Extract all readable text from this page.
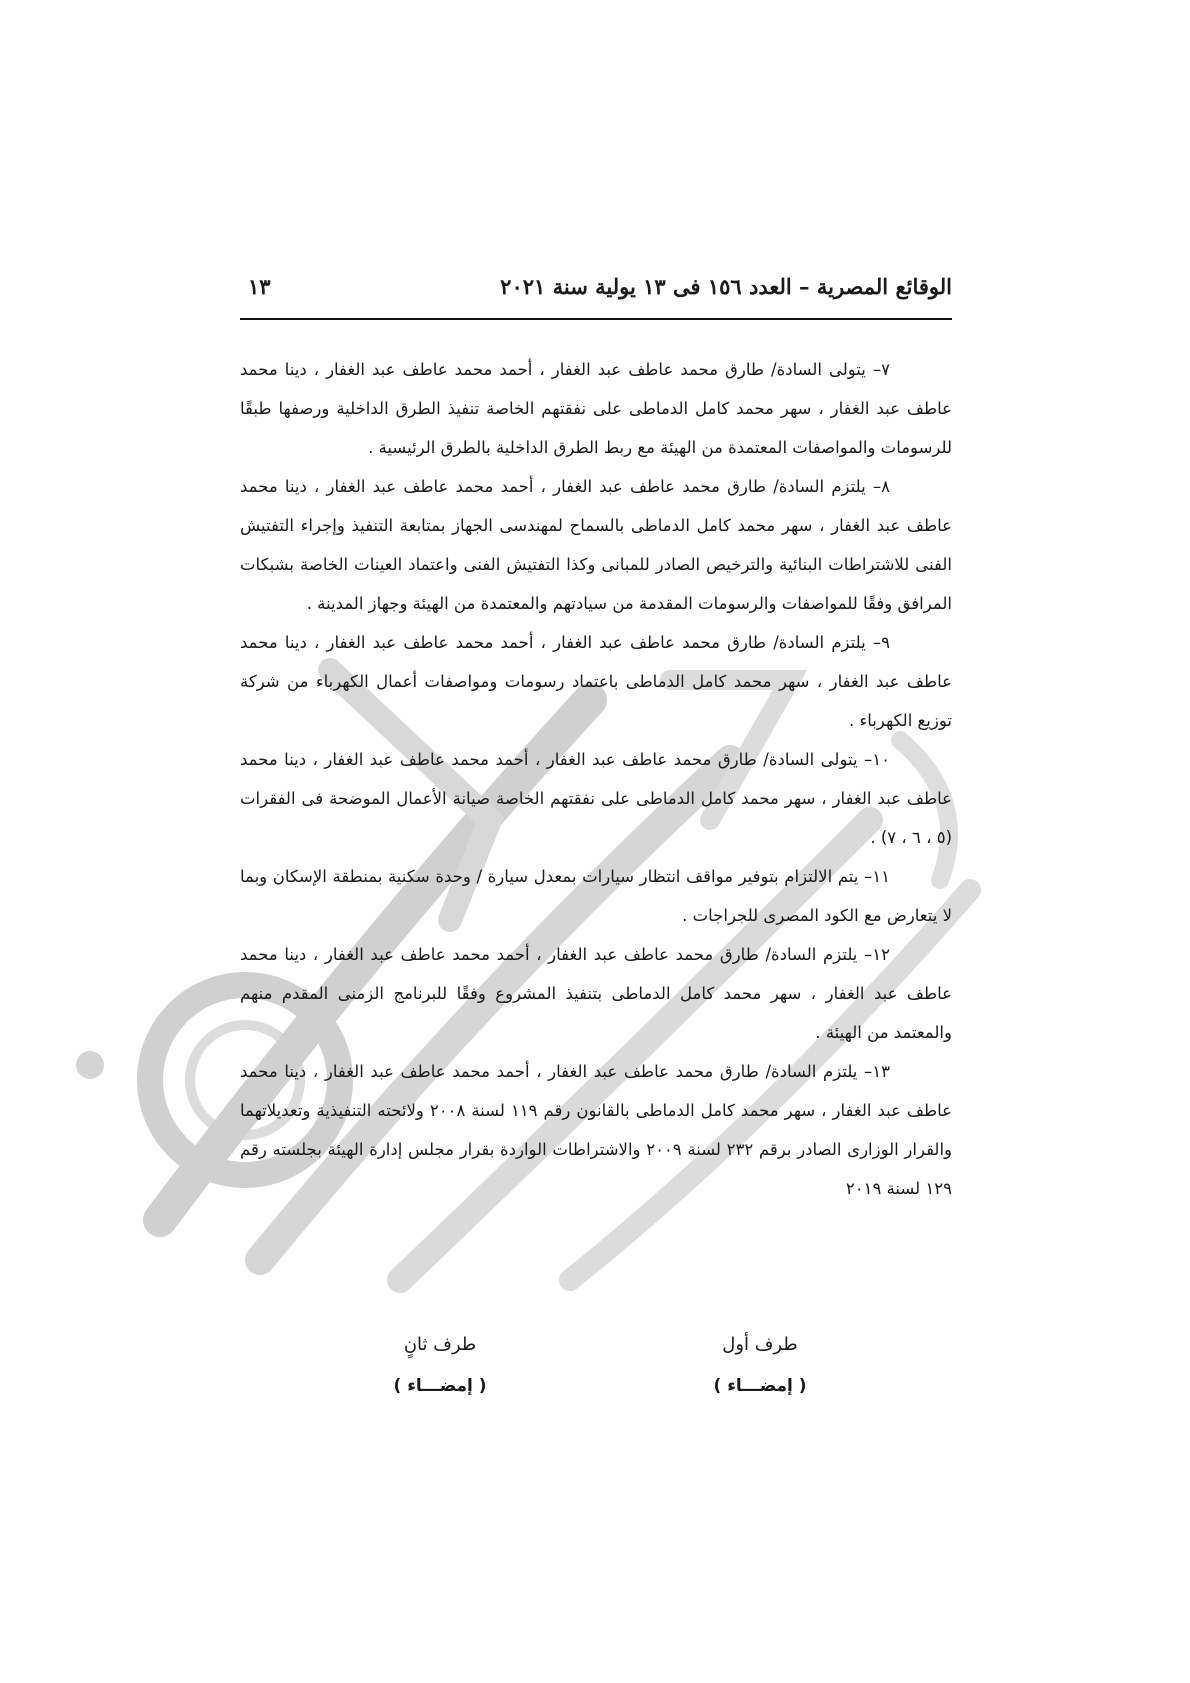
الوقائع المصرية – العدد ١٥٦ فى ١٣ يولية سنة ٢٠٢١
١٣

٧– يتولى السادة/ طارق محمد عاطف عبد الغفار ، أحمد محمد عاطف عبد الغفار ، دينا محمد عاطف عبد الغفار ، سهر محمد كامل الدماطى على نفقتهم الخاصة تنفيذ الطرق الداخلية ورصفها طبقًا للرسومات والمواصفات المعتمدة من الهيئة مع ربط الطرق الداخلية بالطرق الرئيسية .

٨– يلتزم السادة/ طارق محمد عاطف عبد الغفار ، أحمد محمد عاطف عبد الغفار ، دينا محمد عاطف عبد الغفار ، سهر محمد كامل الدماطى بالسماح لمهندسى الجهاز بمتابعة التنفيذ وإجراء التفتيش الفنى للاشتراطات البنائية والترخيص الصادر للمبانى وكذا التفتيش الفنى واعتماد العينات الخاصة بشبكات المرافق وفقًا للمواصفات والرسومات المقدمة من سيادتهم والمعتمدة من الهيئة وجهاز المدينة .

٩– يلتزم السادة/ طارق محمد عاطف عبد الغفار ، أحمد محمد عاطف عبد الغفار ، دينا محمد عاطف عبد الغفار ، سهر محمد كامل الدماطى باعتماد رسومات ومواصفات أعمال الكهرباء من شركة توزيع الكهرباء .

١٠– يتولى السادة/ طارق محمد عاطف عبد الغفار ، أحمد محمد عاطف عبد الغفار ، دينا محمد عاطف عبد الغفار ، سهر محمد كامل الدماطى على نفقتهم الخاصة صيانة الأعمال الموضحة فى الفقرات (٥ ، ٦ ، ٧) .

١١– يتم الالتزام بتوفير مواقف انتظار سيارات بمعدل سيارة / وحدة سكنية بمنطقة الإسكان وبما لا يتعارض مع الكود المصرى للجراجات .

١٢– يلتزم السادة/ طارق محمد عاطف عبد الغفار ، أحمد محمد عاطف عبد الغفار ، دينا محمد عاطف عبد الغفار ، سهر محمد كامل الدماطى بتنفيذ المشروع وفقًا للبرنامج الزمنى المقدم منهم والمعتمد من الهيئة .

١٣– يلتزم السادة/ طارق محمد عاطف عبد الغفار ، أحمد محمد عاطف عبد الغفار ، دينا محمد عاطف عبد الغفار ، سهر محمد كامل الدماطى بالقانون رقم ١١٩ لسنة ٢٠٠٨ ولائحته التنفيذية وتعديلاتهما والقرار الوزارى الصادر برقم ٢٣٢ لسنة ٢٠٠٩ والاشتراطات الواردة بقرار مجلس إدارة الهيئة بجلسته رقم ١٢٩ لسنة ٢٠١٩

طرف أول
( إمضـــاء )
طرف ثانٍ
( إمضـــاء )
